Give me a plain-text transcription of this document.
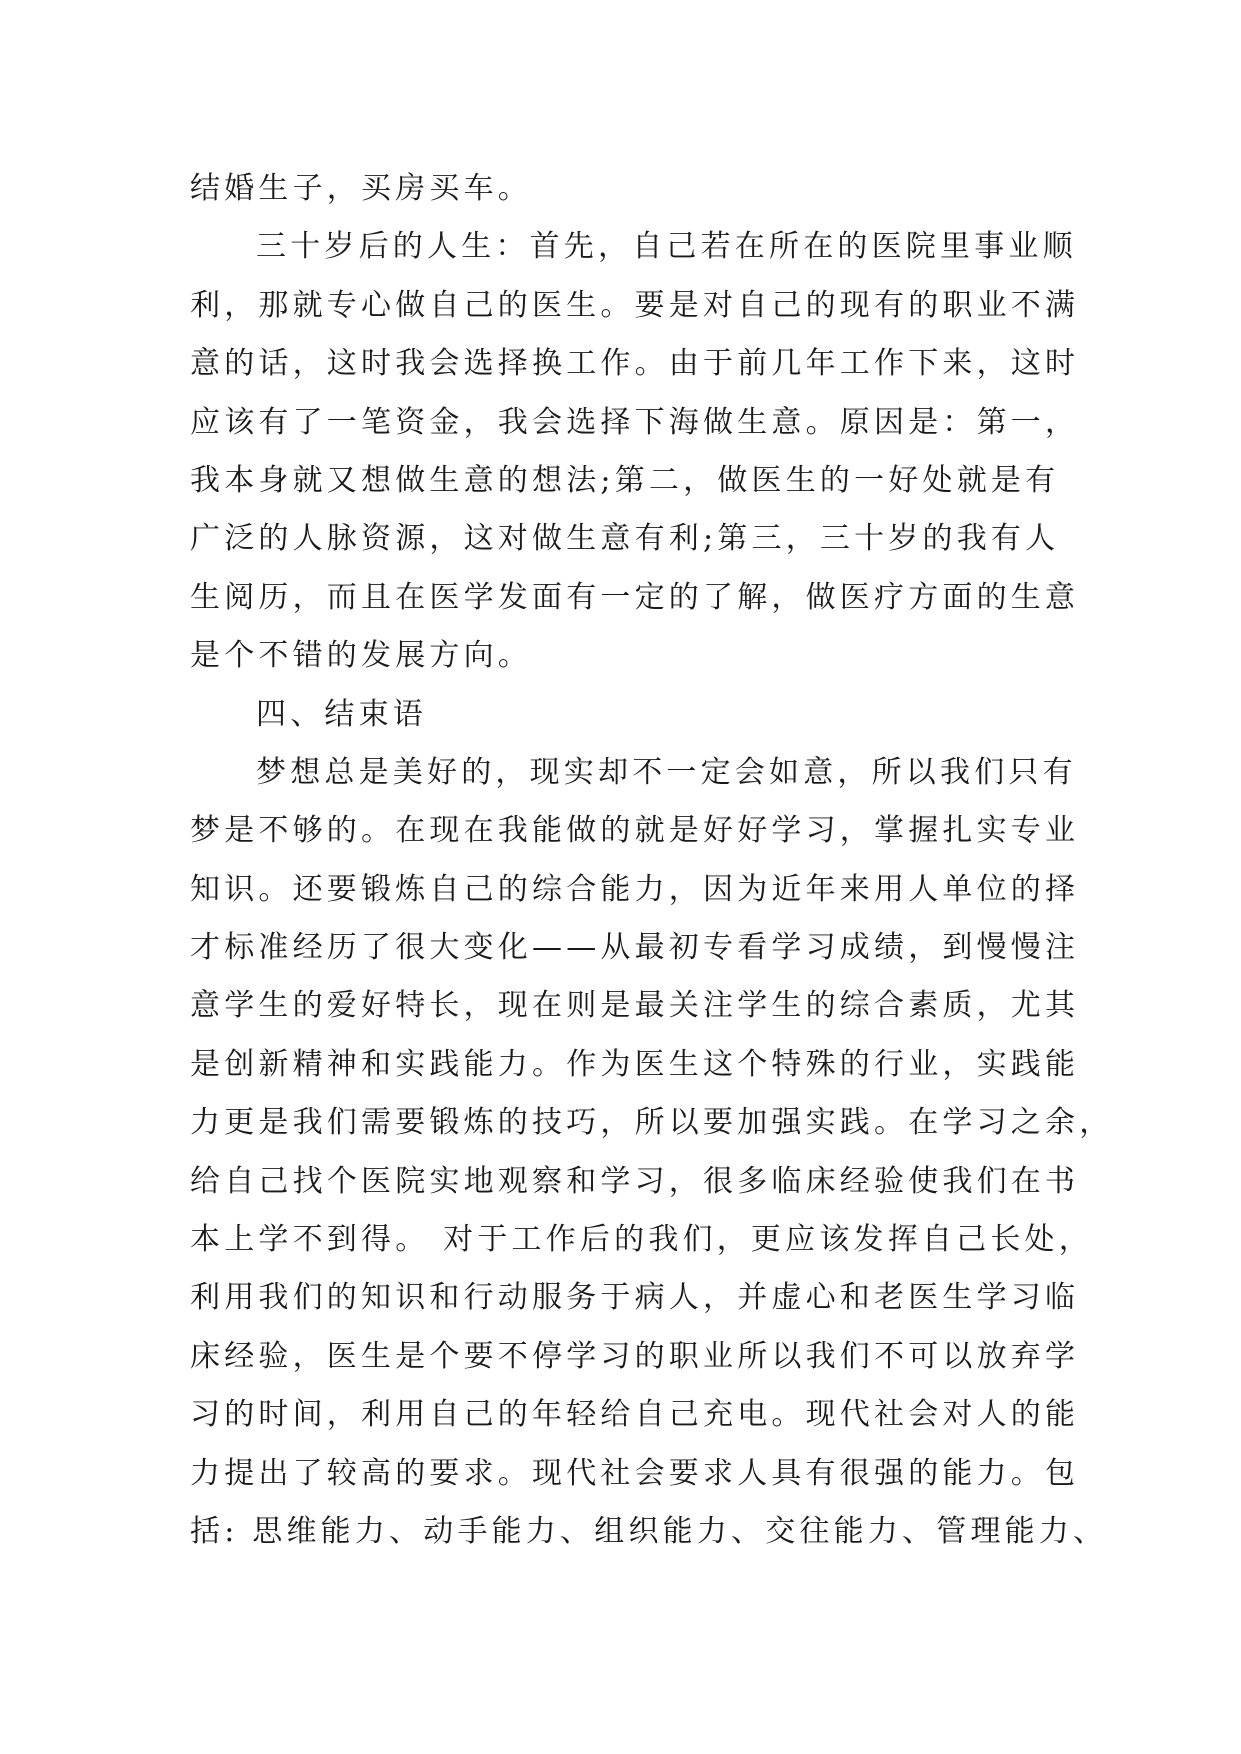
结婚生子，买房买车。
三十岁后的人生：首先，自己若在所在的医院里事业顺
利，那就专心做自己的医生。要是对自己的现有的职业不满
意的话，这时我会选择换工作。由于前几年工作下来，这时
应该有了一笔资金，我会选择下海做生意。原因是：第一，
我本身就又想做生意的想法;第二，做医生的一好处就是有
广泛的人脉资源，这对做生意有利;第三，三十岁的我有人
生阅历，而且在医学发面有一定的了解，做医疗方面的生意
是个不错的发展方向。
四、结束语
梦想总是美好的，现实却不一定会如意，所以我们只有
梦是不够的。在现在我能做的就是好好学习，掌握扎实专业
知识。还要锻炼自己的综合能力，因为近年来用人单位的择
才标准经历了很大变化——从最初专看学习成绩，到慢慢注
意学生的爱好特长，现在则是最关注学生的综合素质，尤其
是创新精神和实践能力。作为医生这个特殊的行业，实践能
力更是我们需要锻炼的技巧，所以要加强实践。在学习之余，
给自己找个医院实地观察和学习，很多临床经验使我们在书
本上学不到得。 对于工作后的我们，更应该发挥自己长处，
利用我们的知识和行动服务于病人，并虚心和老医生学习临
床经验，医生是个要不停学习的职业所以我们不可以放弃学
习的时间，利用自己的年轻给自己充电。现代社会对人的能
力提出了较高的要求。现代社会要求人具有很强的能力。包
括: 思维能力、动手能力、组织能力、交往能力、管理能力、
